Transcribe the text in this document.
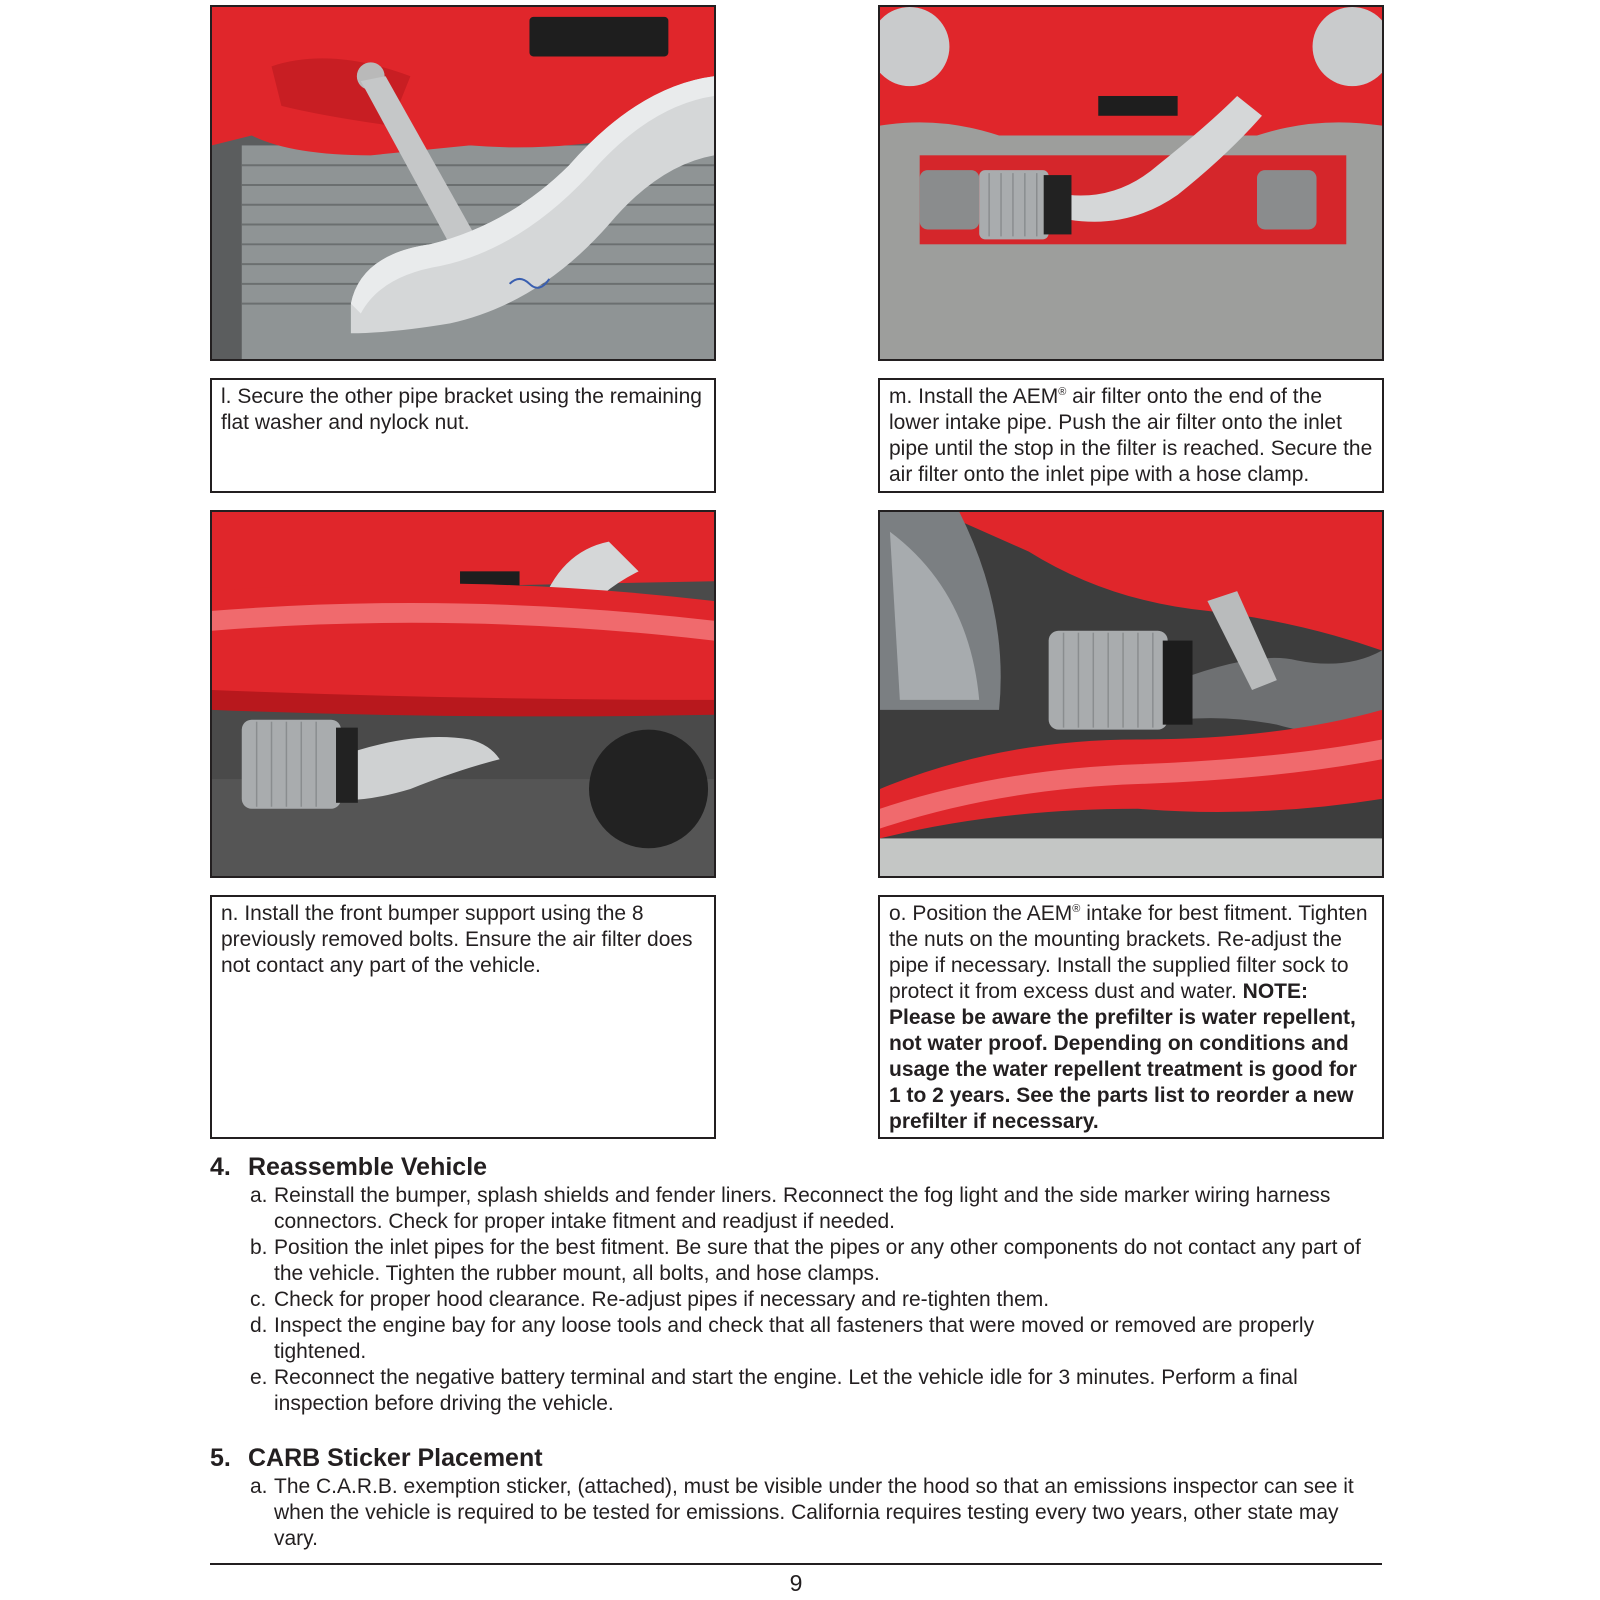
l. Secure the other pipe bracket using the remaining flat washer and nylock nut.
m. Install the AEM® air filter onto the end of the lower intake pipe. Push the air filter onto the inlet pipe until the stop in the filter is reached. Secure the air filter onto the inlet pipe with a hose clamp.
n. Install the front bumper support using the 8 previously removed bolts. Ensure the air filter does not contact any part of the vehicle.
o. Position the AEM® intake for best fitment. Tighten the nuts on the mounting brackets. Re-adjust the pipe if necessary. Install the supplied filter sock to protect it from excess dust and water. NOTE: Please be aware the prefilter is water repellent, not water proof. Depending on conditions and usage the water repellent treatment is good for 1 to 2 years. See the parts list to reorder a new prefilter if necessary.
4. Reassemble Vehicle
a. Reinstall the bumper, splash shields and fender liners. Reconnect the fog light and the side marker wiring harness connectors. Check for proper intake fitment and readjust if needed.
b. Position the inlet pipes for the best fitment. Be sure that the pipes or any other components do not contact any part of the vehicle. Tighten the rubber mount, all bolts, and hose clamps.
c. Check for proper hood clearance. Re-adjust pipes if necessary and re-tighten them.
d. Inspect the engine bay for any loose tools and check that all fasteners that were moved or removed are properly tightened.
e. Reconnect the negative battery terminal and start the engine. Let the vehicle idle for 3 minutes. Perform a final inspection before driving the vehicle.
5. CARB Sticker Placement
a. The C.A.R.B. exemption sticker, (attached), must be visible under the hood so that an emissions inspector can see it when the vehicle is required to be tested for emissions. California requires testing every two years, other state may vary.
9
